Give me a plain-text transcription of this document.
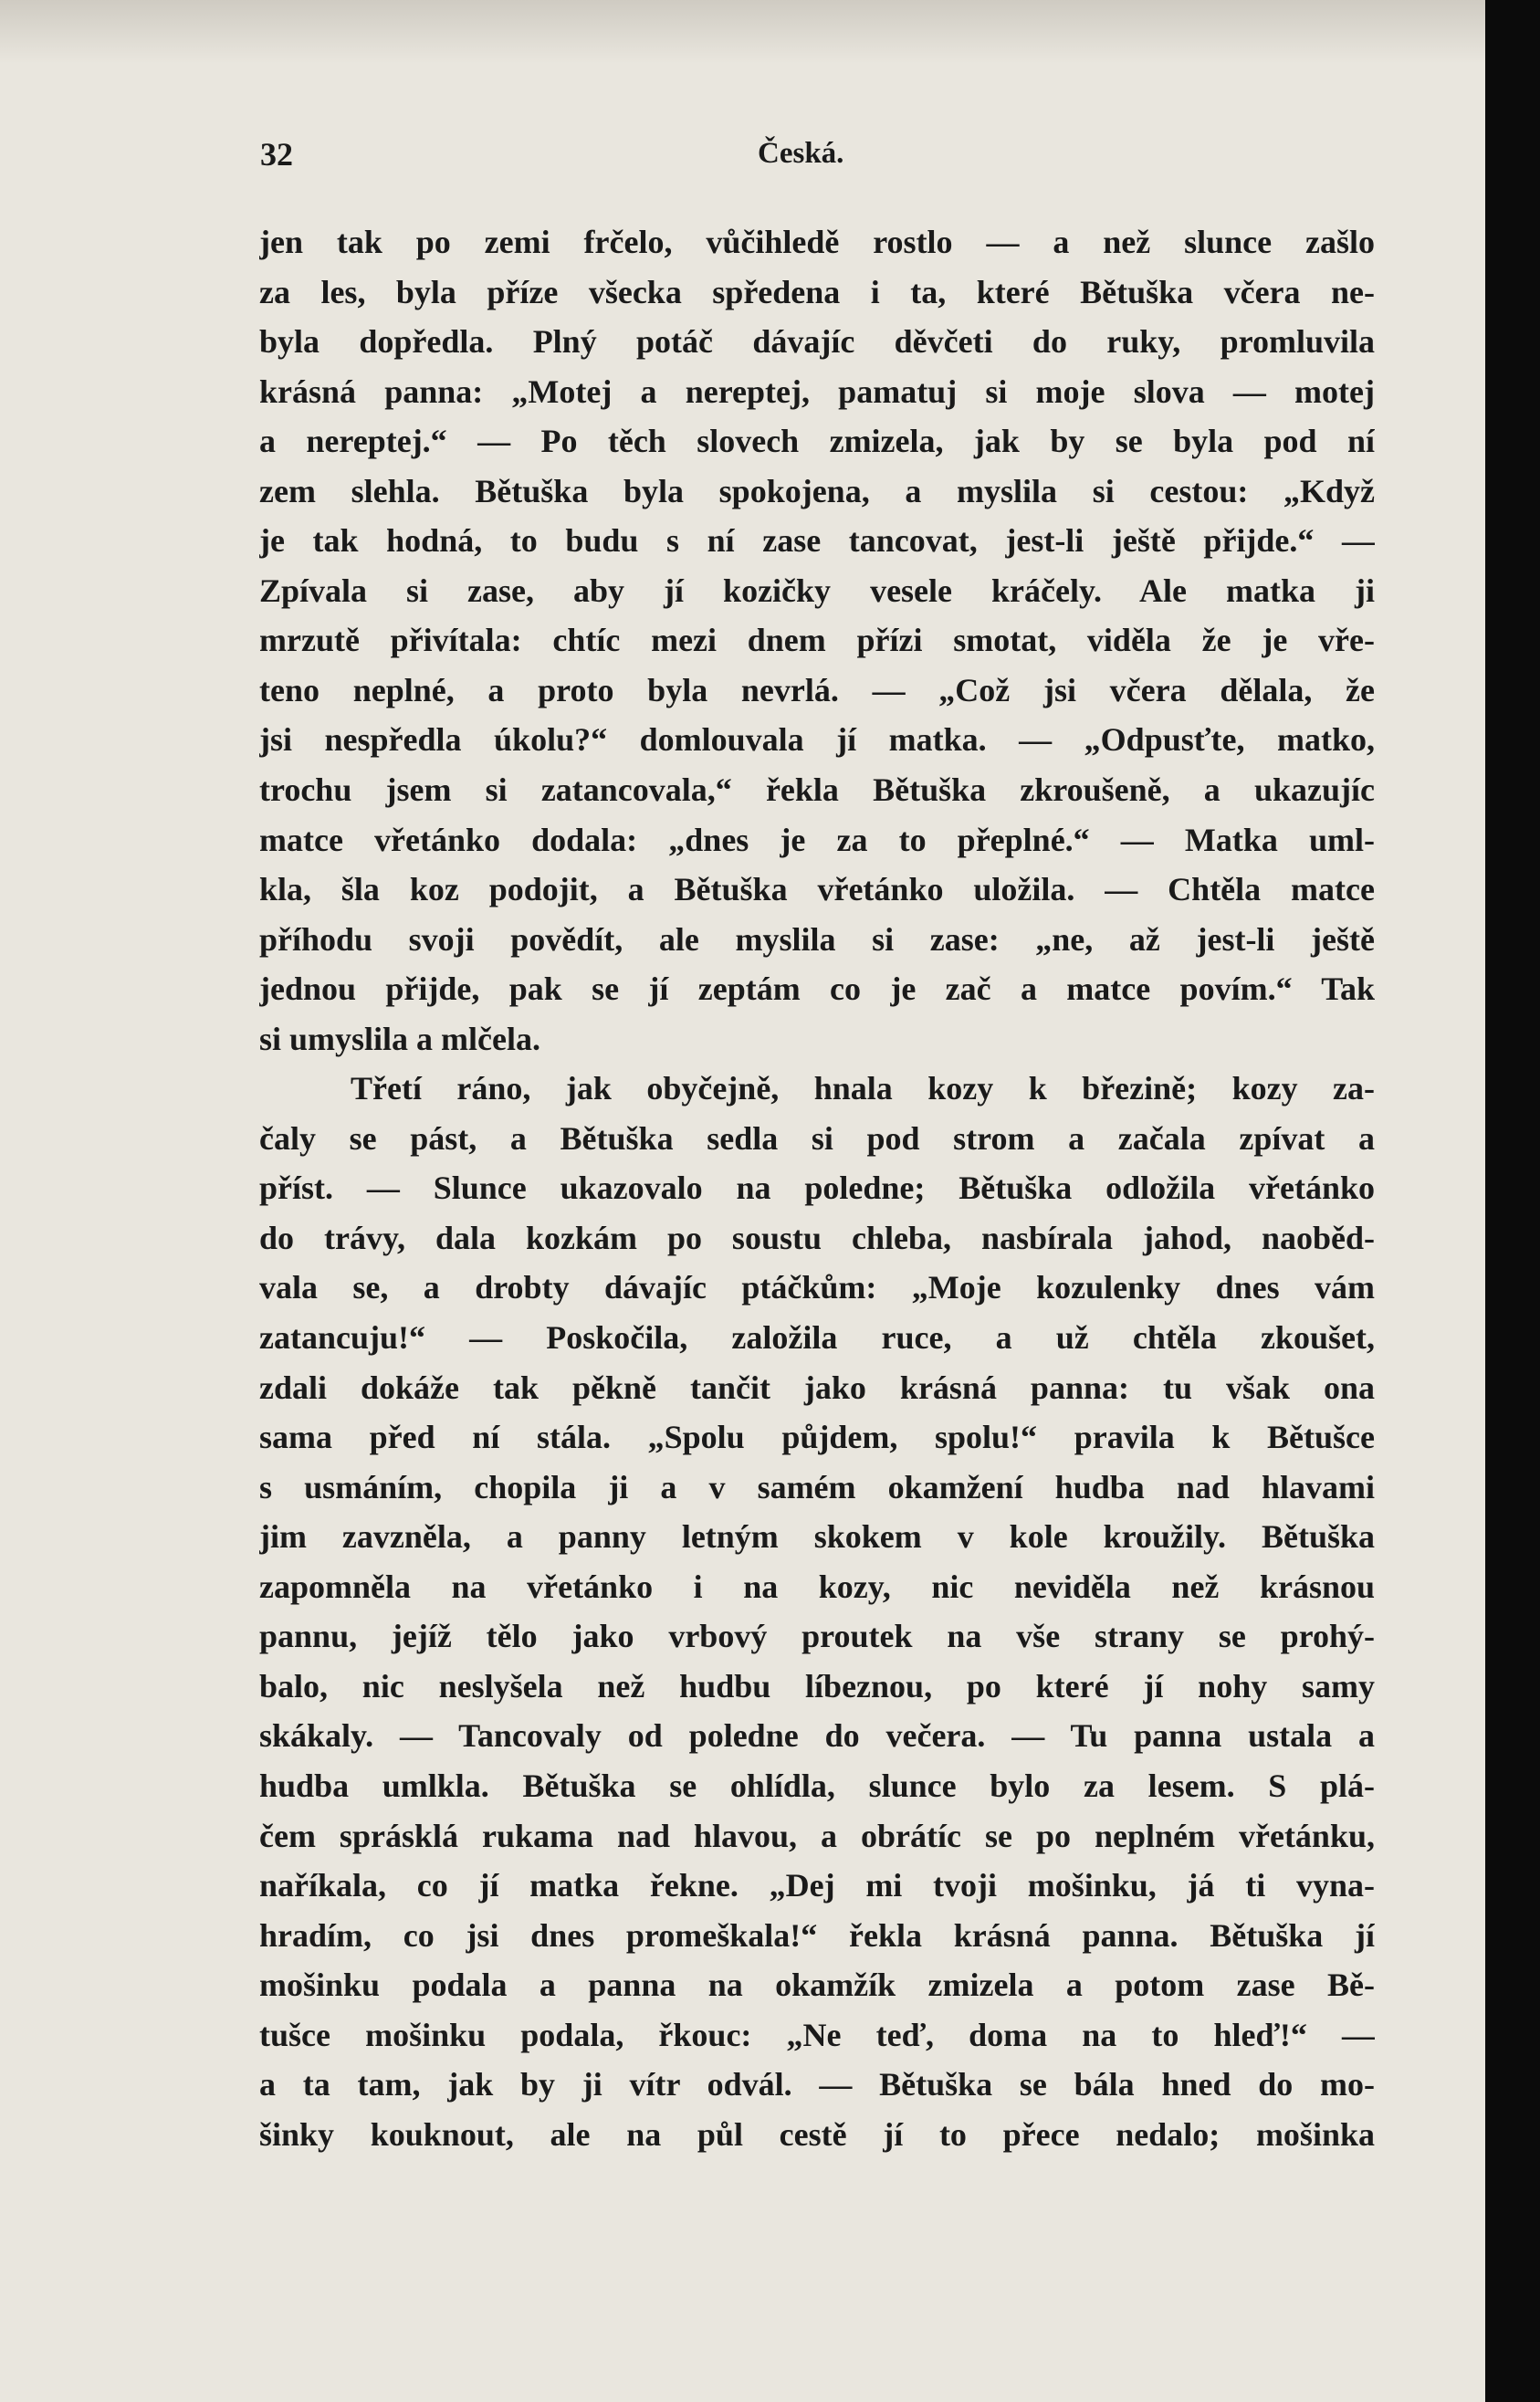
32	Česká.
jen tak po zemi frčelo, vůčihledě rostlo — a než slunce zašlo
za les, byla příze všecka spředena i ta, které Bětuška včera ne-
byla dopředla. Plný potáč dávajíc děvčeti do ruky, promluvila
krásná panna: „Motej a nereptej, pamatuj si moje slova — motej
a nereptej.“ — Po těch slovech zmizela, jak by se byla pod ní
zem slehla. Bětuška byla spokojena, a myslila si cestou: „Když
je tak hodná, to budu s ní zase tancovat, jest-li ještě přijde.“ —
Zpívala si zase, aby jí kozičky vesele kráčely. Ale matka ji
mrzutě přivítala: chtíc mezi dnem přízi smotat, viděla že je vře-
teno neplné, a proto byla nevrlá. — „Což jsi včera dělala, že
jsi nespředla úkolu?“ domlouvala jí matka. — „Odpusťte, matko,
trochu jsem si zatancovala,“ řekla Bětuška zkroušeně, a ukazujíc
matce vřetánko dodala: „dnes je za to přeplné.“ — Matka uml-
kla, šla koz podojit, a Bětuška vřetánko uložila. — Chtěla matce
příhodu svoji povědít, ale myslila si zase: „ne, až jest-li ještě
jednou přijde, pak se jí zeptám co je zač a matce povím.“ Tak
si umyslila a mlčela.
Třetí ráno, jak obyčejně, hnala kozy k březině; kozy za-
čaly se pást, a Bětuška sedla si pod strom a začala zpívat a
příst. — Slunce ukazovalo na poledne; Bětuška odložila vřetánko
do trávy, dala kozkám po soustu chleba, nasbírala jahod, naoběd-
vala se, a drobty dávajíc ptáčkům: „Moje kozulenky dnes vám
zatancuju!“ — Poskočila, založila ruce, a už chtěla zkoušet,
zdali dokáže tak pěkně tančit jako krásná panna: tu však ona
sama před ní stála. „Spolu půjdem, spolu!“ pravila k Bětušce
s usmáním, chopila ji a v samém okamžení hudba nad hlavami
jim zavzněla, a panny letným skokem v kole kroužily. Bětuška
zapomněla na vřetánko i na kozy, nic neviděla než krásnou
pannu, jejíž tělo jako vrbový proutek na vše strany se prohý-
balo, nic neslyšela než hudbu líbeznou, po které jí nohy samy
skákaly. — Tancovaly od poledne do večera. — Tu panna ustala a
hudba umlkla. Bětuška se ohlídla, slunce bylo za lesem. S plá-
čem sprásklá rukama nad hlavou, a obrátíc se po neplném vřetánku,
naříkala, co jí matka řekne. „Dej mi tvoji mošinku, já ti vyna-
hradím, co jsi dnes promeškala!“ řekla krásná panna. Bětuška jí
mošinku podala a panna na okamžík zmizela a potom zase Bě-
tušce mošinku podala, řkouc: „Ne teď, doma na to hleď!“ —
a ta tam, jak by ji vítr odvál. — Bětuška se bála hned do mo-
šinky kouknout, ale na půl cestě jí to přece nedalo; mošinka
